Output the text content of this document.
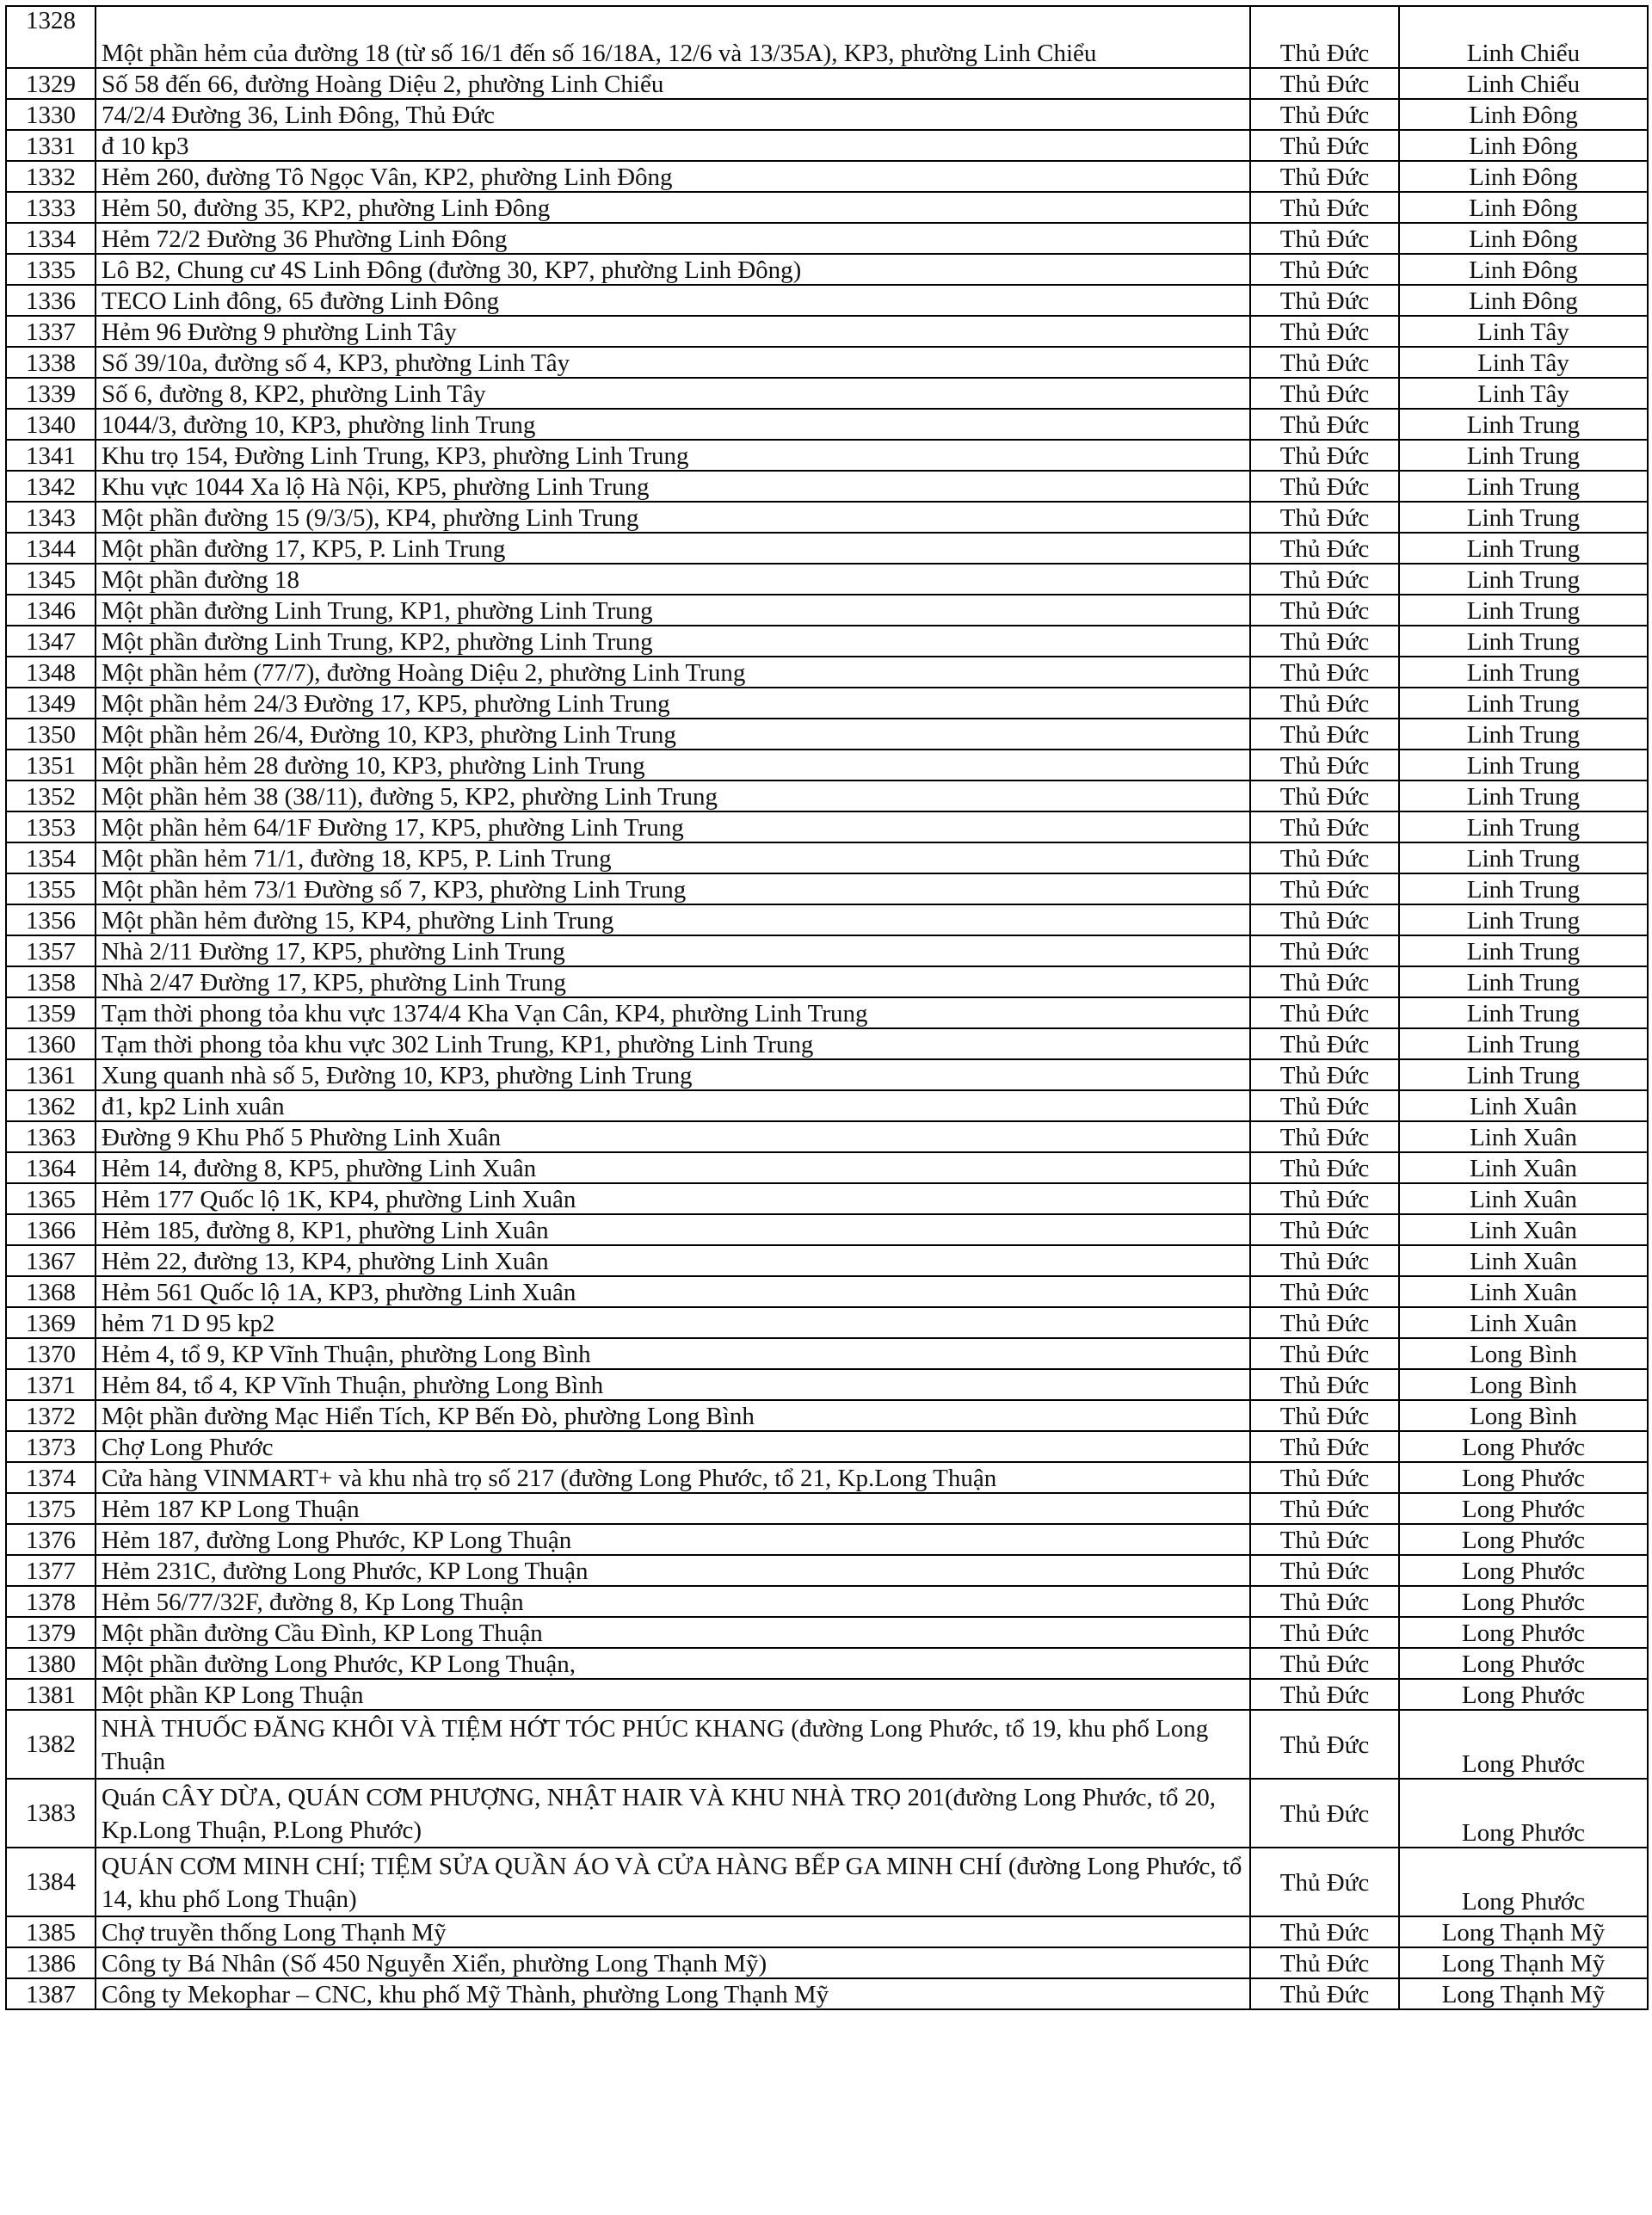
1328	Một phần hẻm của đường 18 (từ số 16/1 đến số 16/18A, 12/6 và 13/35A), KP3, phường Linh Chiểu	Thủ Đức	Linh Chiểu
1329	Số 58 đến 66, đường Hoàng Diệu 2, phường Linh Chiểu	Thủ Đức	Linh Chiểu
1330	74/2/4 Đường 36, Linh Đông, Thủ Đức	Thủ Đức	Linh Đông
1331	đ 10 kp3	Thủ Đức	Linh Đông
1332	Hẻm 260, đường Tô Ngọc Vân, KP2, phường Linh Đông	Thủ Đức	Linh Đông
1333	Hẻm 50, đường 35, KP2, phường Linh Đông	Thủ Đức	Linh Đông
1334	Hẻm 72/2 Đường 36 Phường Linh Đông	Thủ Đức	Linh Đông
1335	Lô B2, Chung cư 4S Linh Đông (đường 30, KP7, phường Linh Đông)	Thủ Đức	Linh Đông
1336	TECO Linh đông, 65 đường Linh Đông	Thủ Đức	Linh Đông
1337	Hẻm 96 Đường 9 phường Linh Tây	Thủ Đức	Linh Tây
1338	Số 39/10a, đường số 4, KP3, phường Linh Tây	Thủ Đức	Linh Tây
1339	Số 6, đường 8, KP2, phường Linh Tây	Thủ Đức	Linh Tây
1340	1044/3, đường 10, KP3, phường linh Trung	Thủ Đức	Linh Trung
1341	Khu trọ 154, Đường Linh Trung, KP3, phường Linh Trung	Thủ Đức	Linh Trung
1342	Khu vực 1044 Xa lộ Hà Nội, KP5, phường Linh Trung	Thủ Đức	Linh Trung
1343	Một phần đường 15 (9/3/5), KP4, phường Linh Trung	Thủ Đức	Linh Trung
1344	Một phần đường 17, KP5, P. Linh Trung	Thủ Đức	Linh Trung
1345	Một phần đường 18	Thủ Đức	Linh Trung
1346	Một phần đường Linh Trung, KP1, phường Linh Trung	Thủ Đức	Linh Trung
1347	Một phần đường Linh Trung, KP2, phường Linh Trung	Thủ Đức	Linh Trung
1348	Một phần hẻm (77/7), đường Hoàng Diệu 2, phường Linh Trung	Thủ Đức	Linh Trung
1349	Một phần hẻm 24/3 Đường 17, KP5, phường Linh Trung	Thủ Đức	Linh Trung
1350	Một phần hẻm 26/4, Đường 10, KP3, phường Linh Trung	Thủ Đức	Linh Trung
1351	Một phần hẻm 28 đường 10, KP3, phường Linh Trung	Thủ Đức	Linh Trung
1352	Một phần hẻm 38 (38/11), đường 5, KP2, phường Linh Trung	Thủ Đức	Linh Trung
1353	Một phần hẻm 64/1F Đường 17, KP5, phường Linh Trung	Thủ Đức	Linh Trung
1354	Một phần hẻm 71/1, đường 18, KP5, P. Linh Trung	Thủ Đức	Linh Trung
1355	Một phần hẻm 73/1 Đường số 7, KP3, phường Linh Trung	Thủ Đức	Linh Trung
1356	Một phần hẻm đường 15, KP4, phường Linh Trung	Thủ Đức	Linh Trung
1357	Nhà 2/11 Đường 17, KP5, phường Linh Trung	Thủ Đức	Linh Trung
1358	Nhà 2/47 Đường 17, KP5, phường Linh Trung	Thủ Đức	Linh Trung
1359	Tạm thời phong tỏa khu vực 1374/4 Kha Vạn Cân, KP4, phường Linh Trung	Thủ Đức	Linh Trung
1360	Tạm thời phong tỏa khu vực 302 Linh Trung, KP1, phường Linh Trung	Thủ Đức	Linh Trung
1361	Xung quanh nhà số 5, Đường 10, KP3, phường Linh Trung	Thủ Đức	Linh Trung
1362	đ1, kp2 Linh xuân	Thủ Đức	Linh Xuân
1363	Đường 9 Khu Phố 5 Phường Linh Xuân	Thủ Đức	Linh Xuân
1364	Hẻm 14, đường 8, KP5, phường Linh Xuân	Thủ Đức	Linh Xuân
1365	Hẻm 177 Quốc lộ 1K, KP4, phường Linh Xuân	Thủ Đức	Linh Xuân
1366	Hẻm 185, đường 8, KP1, phường Linh Xuân	Thủ Đức	Linh Xuân
1367	Hẻm 22, đường 13, KP4, phường Linh Xuân	Thủ Đức	Linh Xuân
1368	Hẻm 561 Quốc lộ 1A, KP3, phường Linh Xuân	Thủ Đức	Linh Xuân
1369	hẻm 71 D 95 kp2	Thủ Đức	Linh Xuân
1370	Hẻm 4, tổ 9, KP Vĩnh Thuận, phường Long Bình	Thủ Đức	Long Bình
1371	Hẻm 84, tổ 4, KP Vĩnh Thuận, phường Long Bình	Thủ Đức	Long Bình
1372	Một phần đường Mạc Hiển Tích, KP Bến Đò, phường Long Bình	Thủ Đức	Long Bình
1373	Chợ Long Phước	Thủ Đức	Long Phước
1374	Cửa hàng VINMART+ và khu nhà trọ số 217 (đường Long Phước, tổ 21, Kp.Long Thuận	Thủ Đức	Long Phước
1375	Hẻm 187 KP Long Thuận	Thủ Đức	Long Phước
1376	Hẻm 187, đường Long Phước, KP Long Thuận	Thủ Đức	Long Phước
1377	Hẻm 231C, đường Long Phước, KP Long Thuận	Thủ Đức	Long Phước
1378	Hẻm 56/77/32F, đường 8, Kp Long Thuận	Thủ Đức	Long Phước
1379	Một phần đường Cầu Đình, KP Long Thuận	Thủ Đức	Long Phước
1380	Một phần đường Long Phước, KP Long Thuận,	Thủ Đức	Long Phước
1381	Một phần KP Long Thuận	Thủ Đức	Long Phước
1382	NHÀ THUỐC ĐĂNG KHÔI VÀ TIỆM HỚT TÓC PHÚC KHANG (đường Long Phước, tổ 19, khu phố Long Thuận	Thủ Đức	Long Phước
1383	Quán CÂY DỪA, QUÁN CƠM PHƯỢNG, NHẬT HAIR VÀ KHU NHÀ TRỌ 201(đường Long Phước, tổ 20, Kp.Long Thuận, P.Long Phước)	Thủ Đức	Long Phước
1384	QUÁN CƠM MINH CHÍ; TIỆM SỬA QUẦN ÁO VÀ CỬA HÀNG BẾP GA MINH CHÍ (đường Long Phước, tổ 14, khu phố Long Thuận)	Thủ Đức	Long Phước
1385	Chợ truyền thống Long Thạnh Mỹ	Thủ Đức	Long Thạnh Mỹ
1386	Công ty Bá Nhân (Số 450 Nguyễn Xiển, phường Long Thạnh Mỹ)	Thủ Đức	Long Thạnh Mỹ
1387	Công ty Mekophar – CNC, khu phố Mỹ Thành, phường Long Thạnh Mỹ	Thủ Đức	Long Thạnh Mỹ
